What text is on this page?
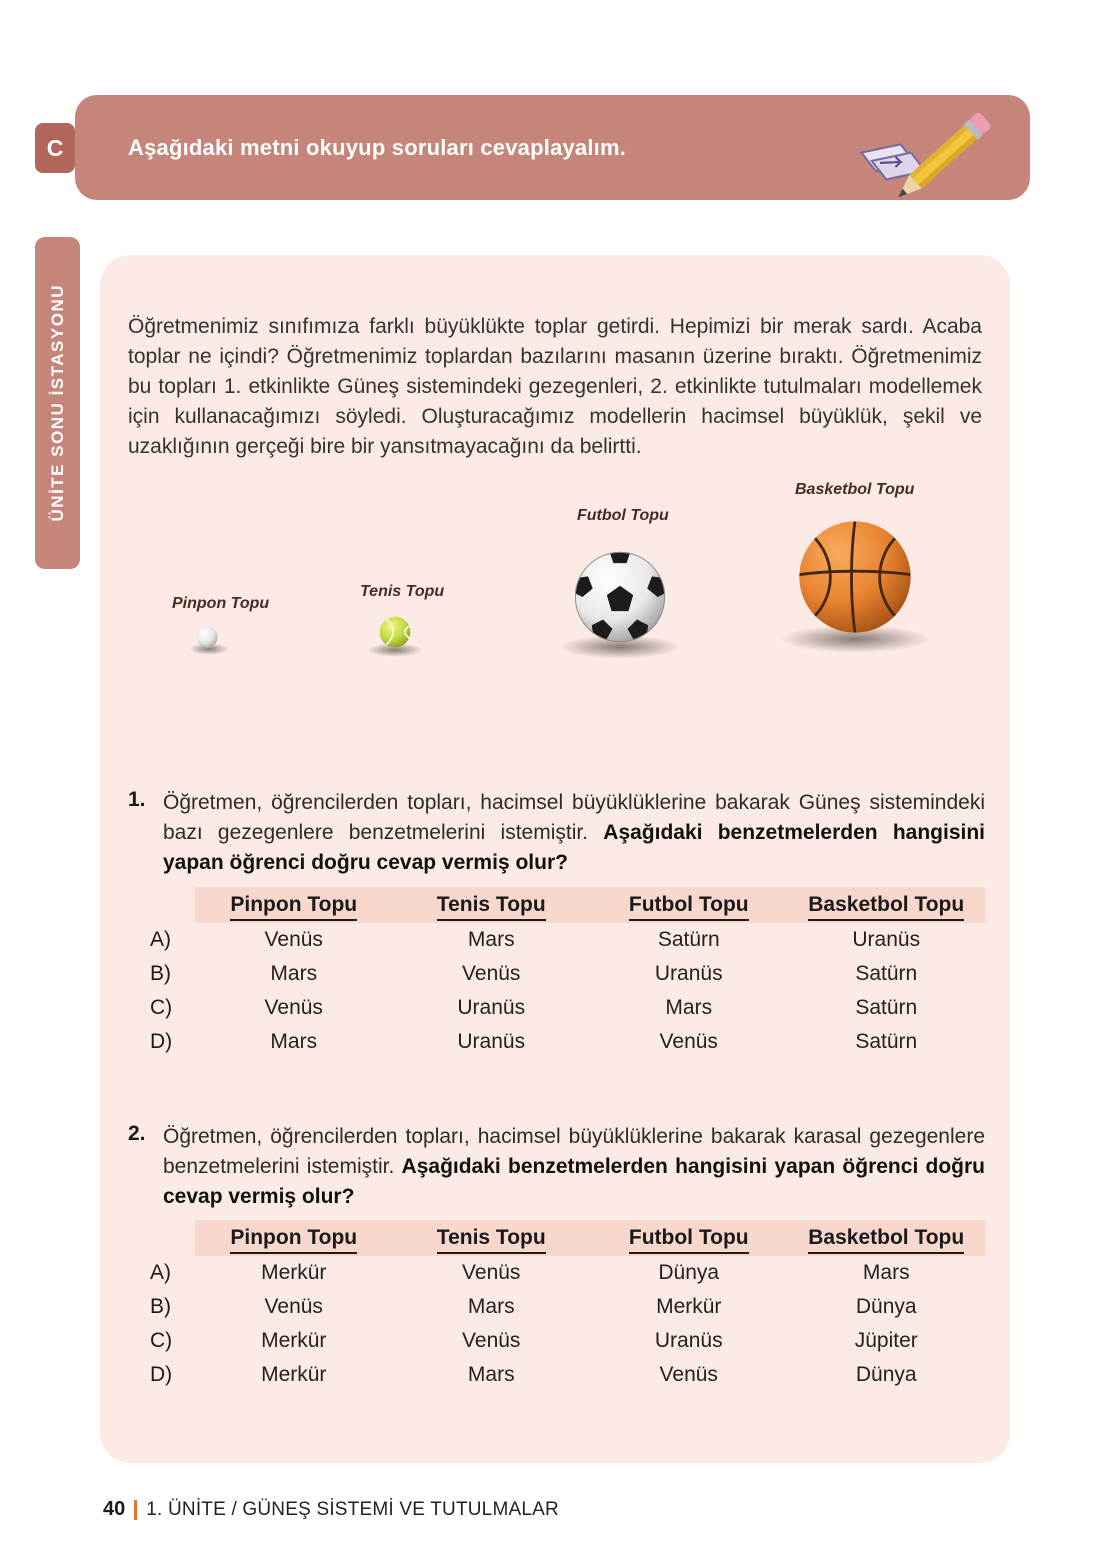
Aşağıdaki metni okuyup soruları cevaplayalım.
C
ÜNİTE SONU İSTASYONU	Öğretmenimiz sınıfımıza farklı büyüklükte toplar getirdi. Hepimizi bir merak sardı. Acaba toplar ne içindi? Öğretmenimiz toplardan bazılarını masanın üzerine bıraktı. Öğretmenimiz bu topları 1. etkinlikte Güneş sistemindeki gezegenleri, 2. etkinlikte tutulmaları modellemek için kullanacağımızı söyledi. Oluşturacağımız modellerin hacimsel büyüklük, şekil ve uzaklığının gerçeği bire bir yansıtmayacağını da belirtti.

Pinpon Topu
Tenis Topu
Futbol Topu
Basketbol Topu
1. Öğretmen, öğrencilerden topları, hacimsel büyüklüklerine bakarak Güneş sistemindeki bazı gezegenlere benzetmelerini istemiştir. Aşağıdaki benzetmelerden hangisini yapan öğrenci doğru cevap vermiş olur?
Pinpon Topu	Tenis Topu	Futbol Topu	Basketbol Topu
A)	Venüs	Mars	Satürn	Uranüs
B)	Mars	Venüs	Uranüs	Satürn
C)	Venüs	Uranüs	Mars	Satürn
D)	Mars	Uranüs	Venüs	Satürn
2. Öğretmen, öğrencilerden topları, hacimsel büyüklüklerine bakarak karasal gezegenlere benzetmelerini istemiştir. Aşağıdaki benzetmelerden hangisini yapan öğrenci doğru cevap vermiş olur?
Pinpon Topu	Tenis Topu	Futbol Topu	Basketbol Topu
A)	Merkür	Venüs	Dünya	Mars
B)	Venüs	Mars	Merkür	Dünya
C)	Merkür	Venüs	Uranüs	Jüpiter
D)	Merkür	Mars	Venüs	Dünya
40 1. ÜNİTE / GÜNEŞ SİSTEMİ VE TUTULMALAR
